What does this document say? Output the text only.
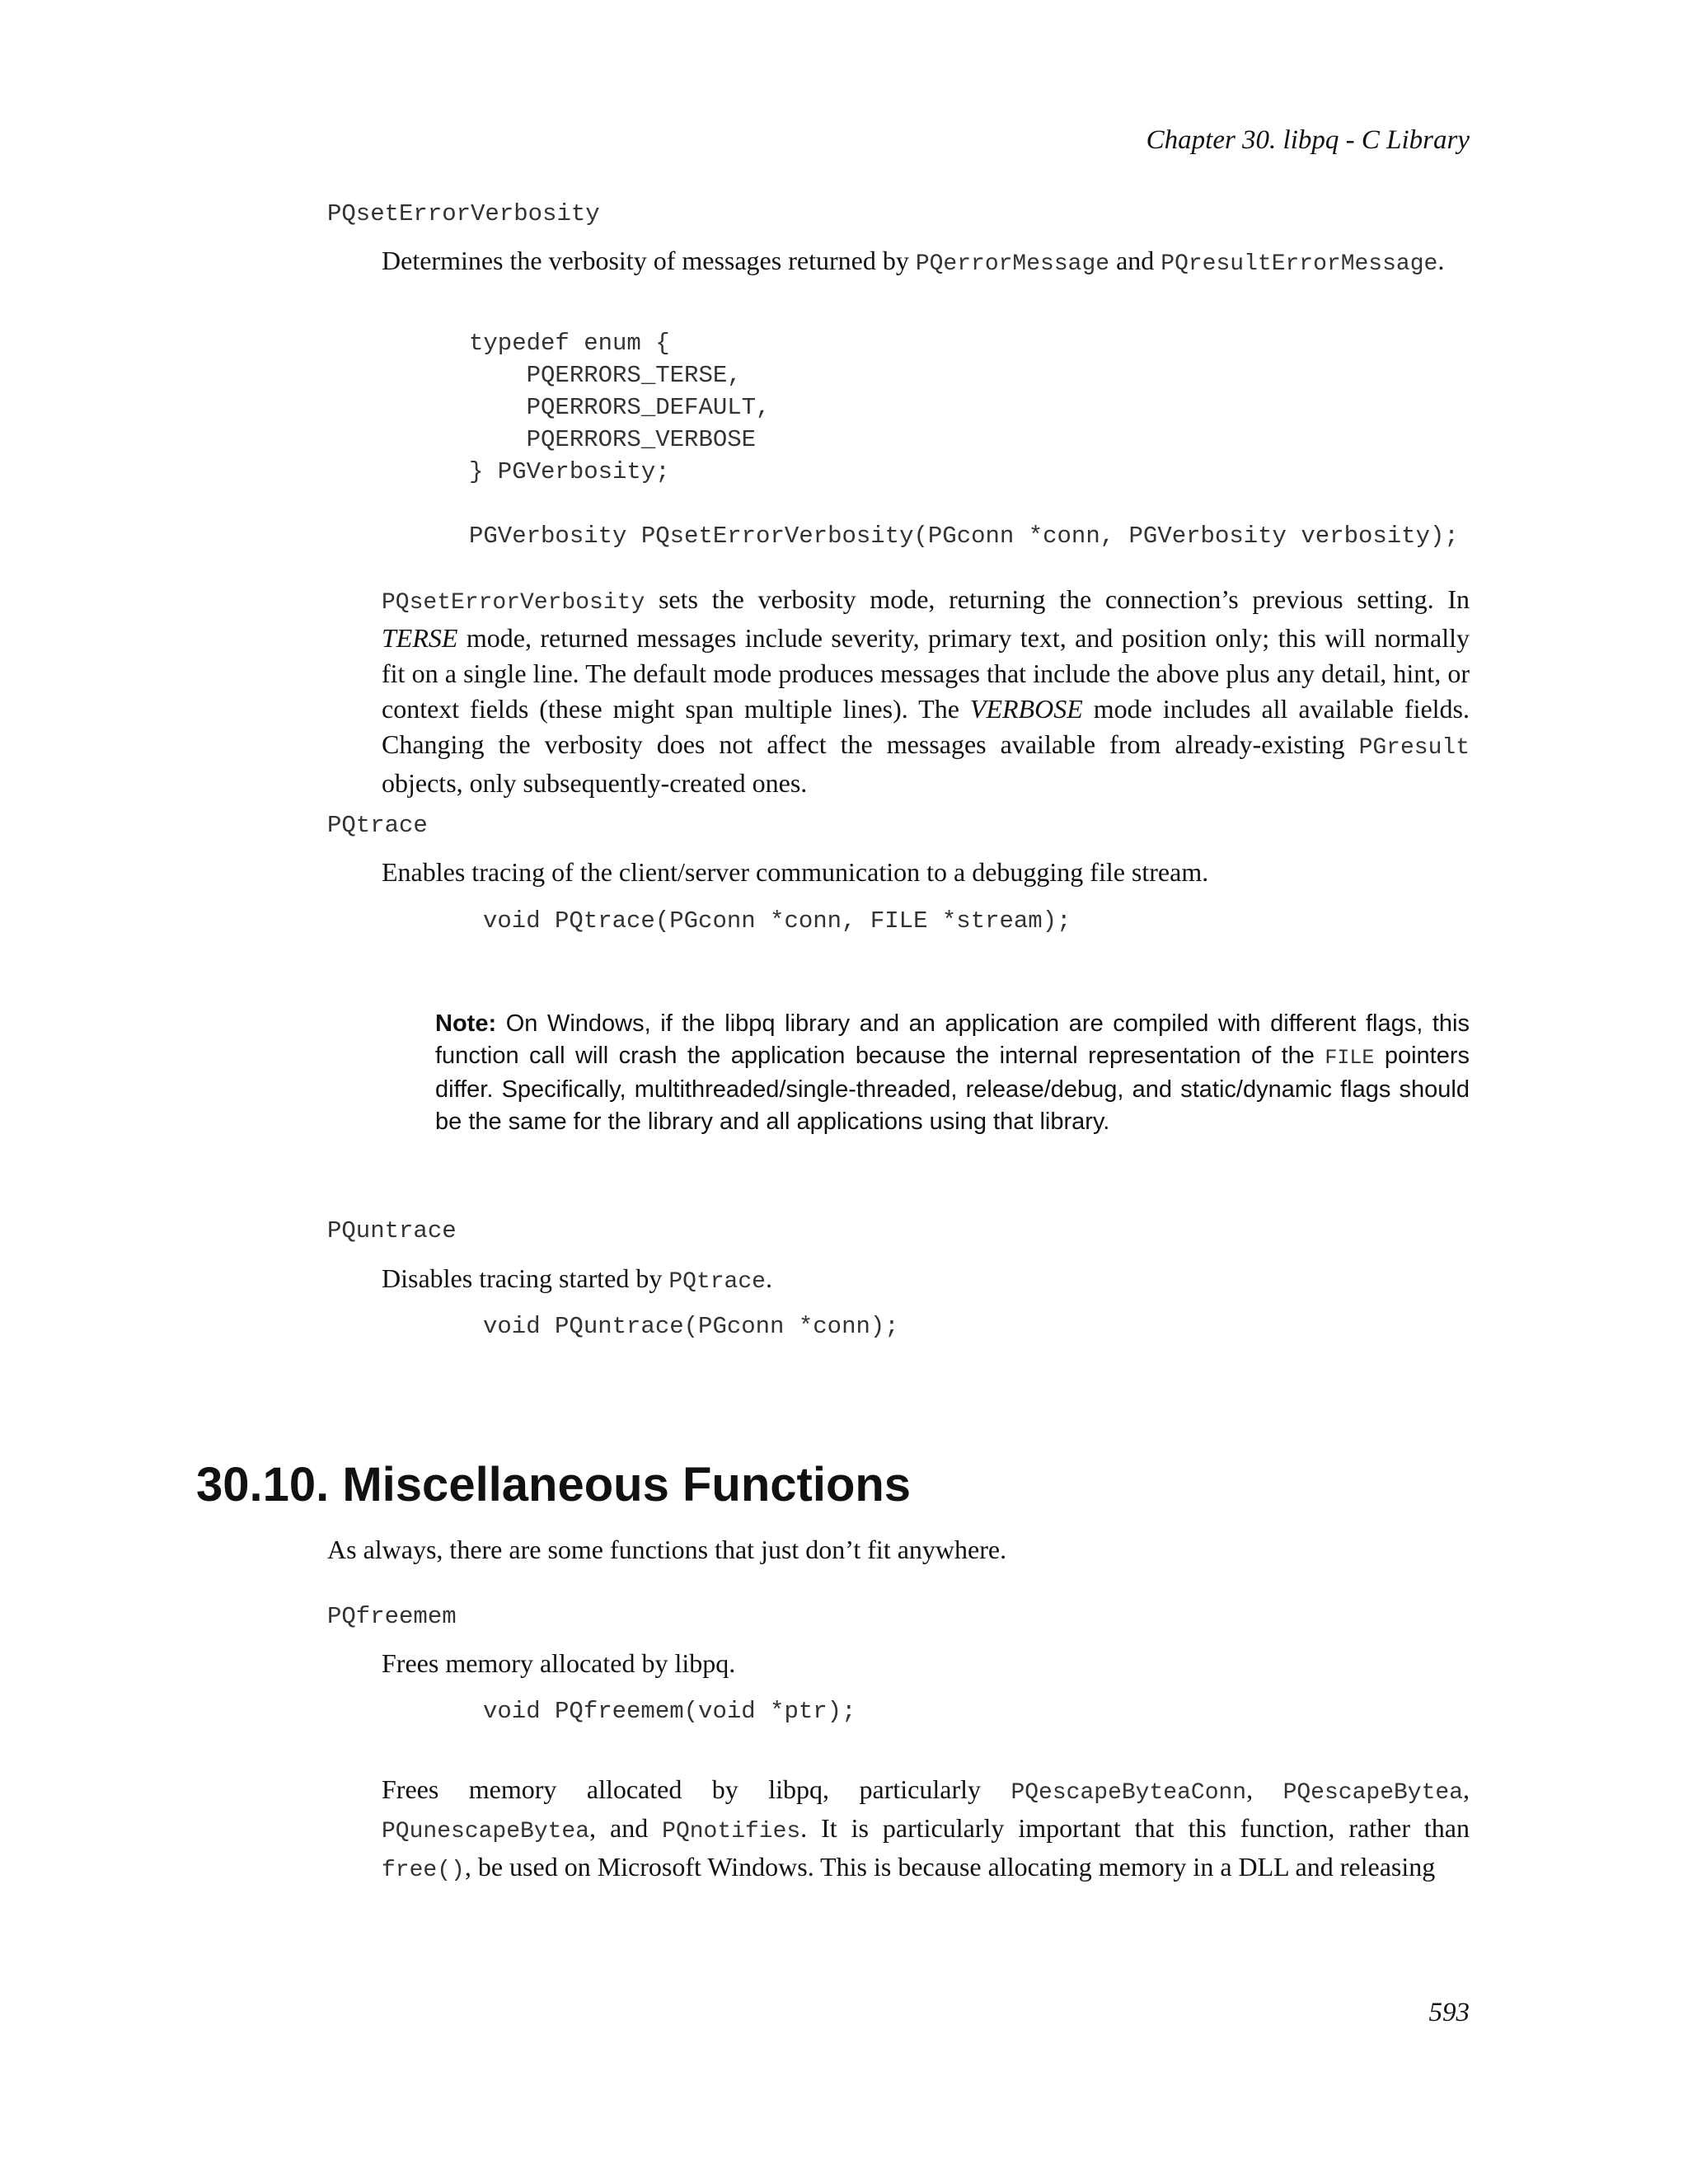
Chapter 30. libpq - C Library
PQsetErrorVerbosity
Determines the verbosity of messages returned by PQerrorMessage and PQresultErrorMessage.
typedef enum {
PQERRORS_TERSE,
PQERRORS_DEFAULT,
PQERRORS_VERBOSE
} PGVerbosity;

PGVerbosity PQsetErrorVerbosity(PGconn *conn, PGVerbosity verbosity);
PQsetErrorVerbosity sets the verbosity mode, returning the connection’s previous setting. In TERSE mode, returned messages include severity, primary text, and position only; this will normally fit on a single line. The default mode produces messages that include the above plus any detail, hint, or context fields (these might span multiple lines). The VERBOSE mode includes all available fields. Changing the verbosity does not affect the messages available from already-existing PGresult objects, only subsequently-created ones.
PQtrace
Enables tracing of the client/server communication to a debugging file stream.
void PQtrace(PGconn *conn, FILE *stream);
Note: On Windows, if the libpq library and an application are compiled with different flags, this function call will crash the application because the internal representation of the FILE pointers differ. Specifically, multithreaded/single-threaded, release/debug, and static/dynamic flags should be the same for the library and all applications using that library.
PQuntrace
Disables tracing started by PQtrace.
void PQuntrace(PGconn *conn);
30.10. Miscellaneous Functions
As always, there are some functions that just don’t fit anywhere.
PQfreemem
Frees memory allocated by libpq.
void PQfreemem(void *ptr);
Frees memory allocated by libpq, particularly PQescapeByteaConn, PQescapeBytea, PQunescapeBytea, and PQnotifies. It is particularly important that this function, rather than free(), be used on Microsoft Windows. This is because allocating memory in a DLL and releasing
593
